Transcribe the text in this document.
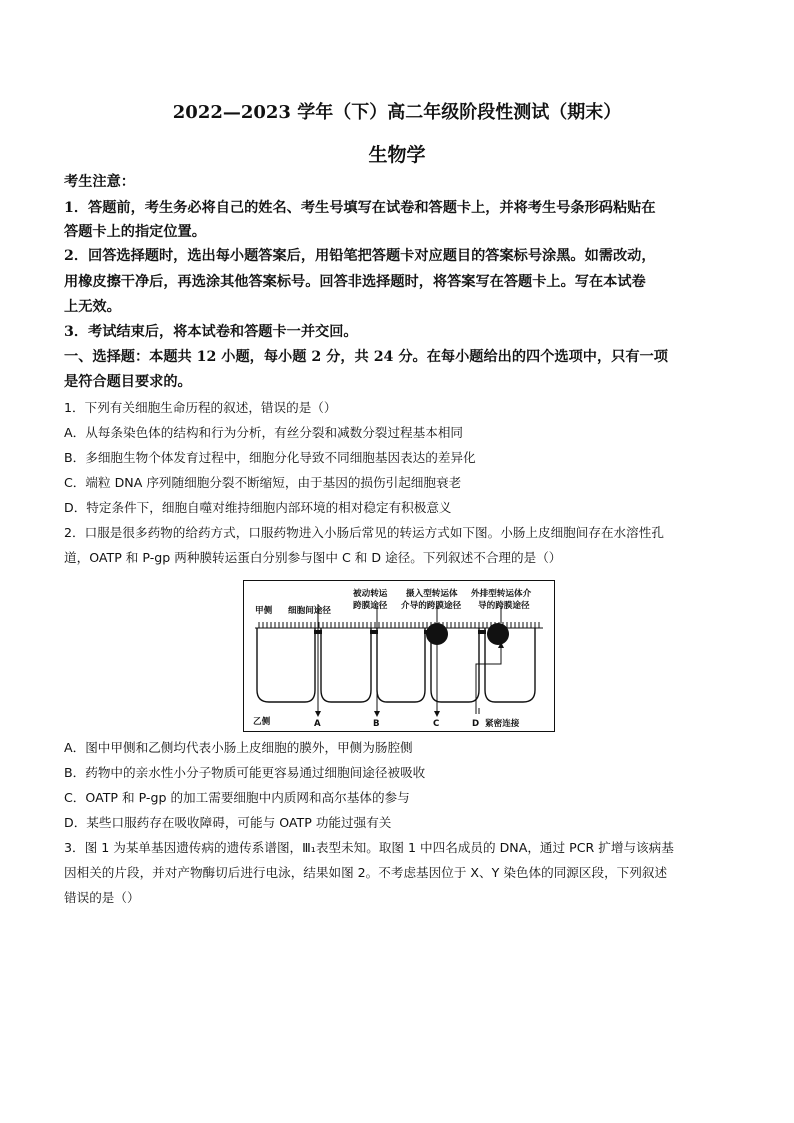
2022—2023 学年（下）高二年级阶段性测试（期末）
生物学
考生注意：
1．答题前，考生务必将自己的姓名、考生号填写在试卷和答题卡上，并将考生号条形码粘贴在
答题卡上的指定位置。
2．回答选择题时，选出每小题答案后，用铅笔把答题卡对应题目的答案标号涂黑。如需改动，
用橡皮擦干净后，再选涂其他答案标号。回答非选择题时，将答案写在答题卡上。写在本试卷
上无效。
3．考试结束后，将本试卷和答题卡一并交回。
一、选择题：本题共 12 小题，每小题 2 分，共 24 分。在每小题给出的四个选项中，只有一项
是符合题目要求的。
1．下列有关细胞生命历程的叙述，错误的是（）
A．从每条染色体的结构和行为分析，有丝分裂和减数分裂过程基本相同
B．多细胞生物个体发育过程中，细胞分化导致不同细胞基因表达的差异化
C．端粒 DNA 序列随细胞分裂不断缩短，由于基因的损伤引起细胞衰老
D．特定条件下，细胞自噬对维持细胞内部环境的相对稳定有积极意义
2．口服是很多药物的给药方式，口服药物进入小肠后常见的转运方式如下图。小肠上皮细胞间存在水溶性孔
道，OATP 和 P-gp 两种膜转运蛋白分别参与图中 C 和 D 途径。下列叙述不合理的是（）
甲侧 细胞间途径
被动转运
跨膜途径
摄入型转运体
介导的跨膜途径
外排型转运体介
导的跨膜途径
乙侧	A	B	C	D 紧密连接
A．图中甲侧和乙侧均代表小肠上皮细胞的膜外，甲侧为肠腔侧
B．药物中的亲水性小分子物质可能更容易通过细胞间途径被吸收
C．OATP 和 P-gp 的加工需要细胞中内质网和高尔基体的参与
D．某些口服药存在吸收障碍，可能与 OATP 功能过强有关
3．图 1 为某单基因遗传病的遗传系谱图，Ⅲ₁表型未知。取图 1 中四名成员的 DNA，通过 PCR 扩增与该病基
因相关的片段，并对产物酶切后进行电泳，结果如图 2。不考虑基因位于 X、Y 染色体的同源区段，下列叙述
错误的是（）
